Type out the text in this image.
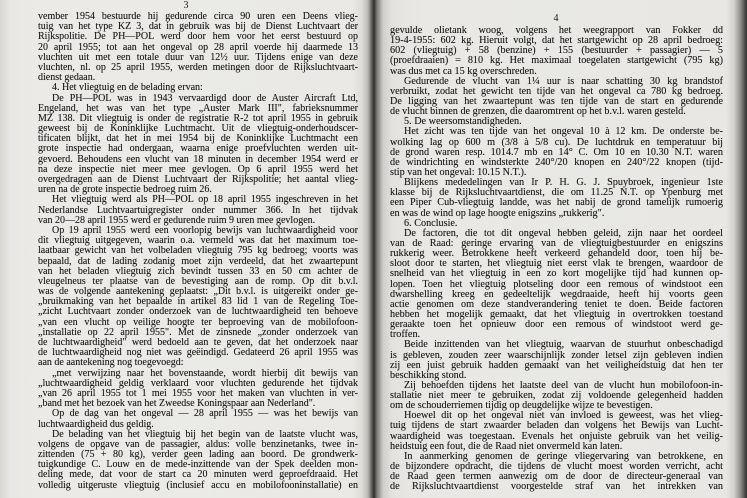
3
vember 1954 bestuurde hij gedurende circa 90 uren een Deens vlieg-
tuig van het type KZ 3, dat in gebruik was bij de Dienst Luchtvaart der
Rijkspolitie. De PH—POL werd door hem voor het eerst bestuurd op
20 april 1955; tot aan het ongeval op 28 april voerde hij daarmede 13
vluchten uit met een totale duur van 12½ uur. Tijdens enige van deze
vluchten, nl. op 25 april 1955, werden metingen door de Rijksluchtvaart-
dienst gedaan.
4. Het vliegtuig en de belading ervan:
De PH—POL was in 1943 vervaardigd door de Auster Aircraft Ltd,
Engeland, het was van het type „Auster Mark III", fabrieksnummer
MZ 138. Dit vliegtuig is onder de registratie R-2 tot april 1955 in gebruik
geweest bij de Koninklijke Luchtmacht. Uit de vliegtuig-onderhoudscer-
tificaten blijkt, dat het in mei 1954 bij de Koninklijke Luchtmacht een
grote inspectie had ondergaan, waarna enige proefvluchten werden uit-
gevoerd. Behoudens een vlucht van 18 minuten in december 1954 werd er
na deze inspectie niet meer mee gevlogen. Op 6 april 1955 werd het
overgedragen aan de Dienst Luchtvaart der Rijkspolitie; het aantal vlieg-
uren na de grote inspectie bedroeg ruim 26.
Het vliegtuig werd als PH—POL op 18 april 1955 ingeschreven in het
Nederlandse Luchtvaartuigregister onder nummer 366. In het tijdvak
van 20—28 april 1955 werd er gedurende ruim 9 uren mee gevlogen.
Op 19 april 1955 werd een voorlopig bewijs van luchtwaardigheid voor
dit vliegtuig uitgegeven, waarin o.a. vermeld was dat het maximum toe-
laatbaar gewicht van het volbeladen vliegtuig 795 kg bedroeg; voorts was
bepaald, dat de lading zodanig moet zijn verdeeld, dat het zwaartepunt
van het beladen vliegtuig zich bevindt tussen 33 en 50 cm achter de
vleugelneus ter plaatse van de bevestiging aan de romp. Op dit b.v.l.
was de volgende aantekening geplaatst: „Dit b.v.l. is uitgereikt onder ge-
„bruikmaking van het bepaalde in artikel 83 lid 1 van de Regeling Toe-
„zicht Luchtvaart zonder onderzoek van de luchtwaardigheid ten behoeve
„van een vlucht op veilige hoogte ter beproeving van de mobilofoon-
„installatie op 22 april 1955". Met de zinsnede „zonder onderzoek van
de luchtwaardigheid" werd bedoeld aan te geven, dat het onderzoek naar
de luchtwaardigheid nog niet was geëindigd. Gedateerd 26 april 1955 was
aan de aantekening nog toegevoegd:
„met verwijzing naar het bovenstaande, wordt hierbij dit bewijs van
„luchtwaardigheid geldig verklaard voor vluchten gedurende het tijdvak
„van 26 april 1955 tot 1 mei 1955 voor het maken van vluchten in ver-
„band met het bezoek van het Zweedse Koningspaar aan Nederland".
Op de dag van het ongeval — 28 april 1955 — was het bewijs van
luchtwaardigheid dus geldig.
De belading van het vliegtuig bij het begin van de laatste vlucht was,
volgens de opgave van de passagier, aldus: volle benzinetanks, twee in-
zittenden (75 + 80 kg), verder geen lading aan boord. De grondwerk-
tuigkundige C. Louw en de mede-inzittende van der Spek deelden mon-
deling mede, dat voor de start ca 20 minuten werd geproefdraaid. Het
volledig uitgeruste vliegtuig (inclusief accu en mobilofooninstallatie) en
4
gevulde olietank woog, volgens het weegrapport van Fokker dd
19-4-1955: 602 kg. Hieruit volgt, dat het startgewicht op 28 april bedroeg:
602 (vliegtuig) + 58 (benzine) + 155 (bestuurder + passagier) — 5
(proefdraaien) = 810 kg. Het maximaal toegelaten startgewicht (795 kg)
was dus met ca 15 kg overschreden.
Gedurende de vlucht van 1¼ uur is naar schatting 30 kg brandstof
verbruikt, zodat het gewicht ten tijde van het ongeval ca 780 kg bedroeg.
De ligging van het zwaartepunt was ten tijde van de start en gedurende
de vlucht binnen de grenzen, die daaromtrent op het b.v.l. waren gesteld.
5. De weersomstandigheden.
Het zicht was ten tijde van het ongeval 10 à 12 km. De onderste be-
wolking lag op 600 m (3/8 à 5/8 cu). De luchtdruk en temperatuur bij
de grond waren resp. 1014.7 mb en 14° C. Om 10 en 10.30 N.T. waren
de windrichting en windsterkte 240°/20 knopen en 240°/22 knopen (tijd-
stip van het ongeval: 10.15 N.T.).
Blijkens mededelingen van Ir P. H. G. J. Spuybroek, ingenieur 1ste
klasse bij de Rijksluchtvaartdienst, die om 11.25 N.T. op Ypenburg met
een Piper Cub-vliegtuig landde, was het nabij de grond tamelijk rumoerig
en was de wind op lage hoogte enigszins „rukkerig".
6. Conclusie.
De factoren, die tot dit ongeval hebben geleid, zijn naar het oordeel
van de Raad: geringe ervaring van de vliegtuigbestuurder en enigszins
rukkerig weer. Betrokkene heeft verkeerd gehandeld door, toen hij be-
sloot door te starten, het vliegtuig niet eerst vlak te brengen, waardoor de
snelheid van het vliegtuig in een zo kort mogelijke tijd had kunnen op-
lopen. Toen het vliegtuig plotseling door een remous of windstoot een
dwarshelling kreeg en gedeeltelijk wegdraaide, heeft hij voorts geen
actie genomen om deze standverandering teniet te doen. Beide factoren
hebben het mogelijk gemaakt, dat het vliegtuig in overtrokken toestand
geraakte toen het opnieuw door een remous of windstoot werd ge-
troffen.
Beide inzittenden van het vliegtuig, waarvan de stuurhut onbeschadigd
is gebleven, zouden zeer waarschijnlijk zonder letsel zijn gebleven indien
zij een juist gebruik hadden gemaakt van het veiligheidstuig dat hen ter
beschikking stond.
Zij behoefden tijdens het laatste deel van de vlucht hun mobilofoon-in-
stallatie niet meer te gebruiken, zodat zij voldoende gelegenheid hadden
om de schouderriemen tijdig op deugdelijke wijze te bevestigen.
Hoewel dit op het ongeval niet van invloed is geweest, was het vlieg-
tuig tijdens de start zwaarder beladen dan volgens het Bewijs van Lucht-
waardigheid was toegestaan. Evenals het onjuiste gebruik van het veilig-
heidstuig een fout, die de Raad niet onvermeld kan laten.
In aanmerking genomen de geringe vliegervaring van betrokkene, en
de bijzondere opdracht, die tijdens de vlucht moest worden verricht, acht
de Raad geen termen aanwezig om de door de directeur-generaal van
de Rijksluchtvaartdienst voorgestelde straf van het intrekken van
